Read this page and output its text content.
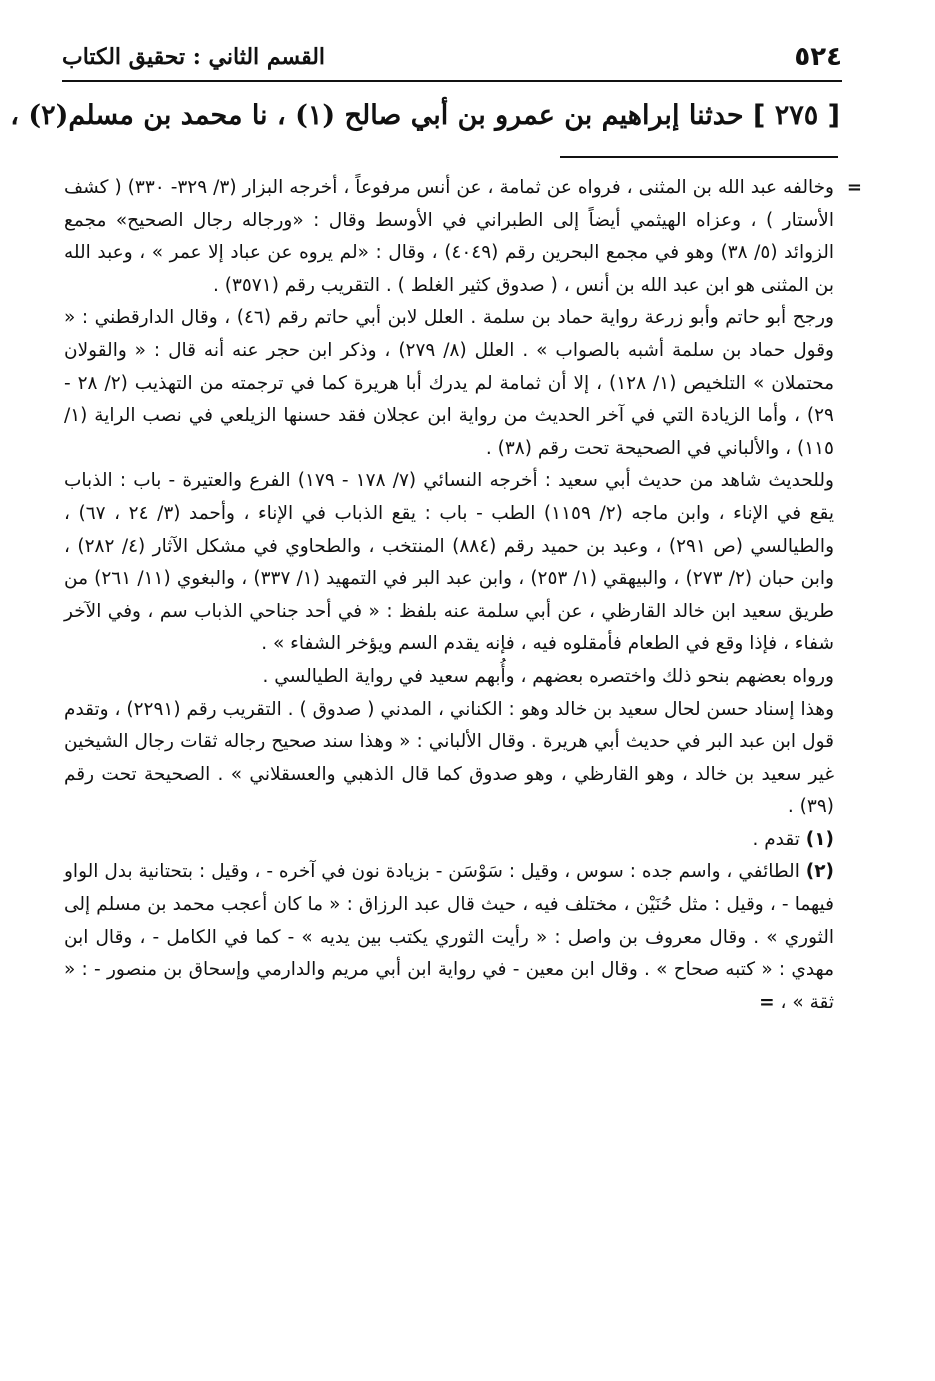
٥٢٤
القسم الثاني : تحقيق الكتاب
[ ٢٧٥ ] حدثنا إبراهيم بن عمرو بن أبي صالح (١) ، نا محمد بن مسلم(٢) ،

=
وخالفه عبد الله بن المثنى ، فرواه عن ثمامة ، عن أنس مرفوعاً ، أخرجه البزار (٣/ ٣٢٩- ٣٣٠) ( كشف الأستار ) ، وعزاه الهيثمي أيضاً إلى الطبراني في الأوسط وقال : «ورجاله رجال الصحيح» مجمع الزوائد (٥/ ٣٨) وهو في مجمع البحرين رقم (٤٠٤٩) ، وقال : «لم يروه عن عباد إلا عمر » ، وعبد الله بن المثنى هو ابن عبد الله بن أنس ، ( صدوق كثير الغلط ) . التقريب رقم (٣٥٧١) .

ورجح أبو حاتم وأبو زرعة رواية حماد بن سلمة . العلل لابن أبي حاتم رقم (٤٦) ، وقال الدارقطني : « وقول حماد بن سلمة أشبه بالصواب » . العلل (٨/ ٢٧٩) ، وذكر ابن حجر عنه أنه قال : « والقولان محتملان » التلخيص (١/ ١٢٨) ، إلا أن ثمامة لم يدرك أبا هريرة كما في ترجمته من التهذيب (٢/ ٢٨ - ٢٩) ، وأما الزيادة التي في آخر الحديث من رواية ابن عجلان فقد حسنها الزيلعي في نصب الراية (١/ ١١٥) ، والألباني في الصحيحة تحت رقم (٣٨) .

وللحديث شاهد من حديث أبي سعيد : أخرجه النسائي (٧/ ١٧٨ - ١٧٩) الفرع والعتيرة - باب : الذباب يقع في الإناء ، وابن ماجه (٢/ ١١٥٩) الطب - باب : يقع الذباب في الإناء ، وأحمد (٣/ ٢٤ ، ٦٧) ، والطيالسي (ص ٢٩١) ، وعبد بن حميد رقم (٨٨٤) المنتخب ، والطحاوي في مشكل الآثار (٤/ ٢٨٢) ، وابن حبان (٢/ ٢٧٣) ، والبيهقي (١/ ٢٥٣) ، وابن عبد البر في التمهيد (١/ ٣٣٧) ، والبغوي (١١/ ٢٦١) من طريق سعيد ابن خالد القارظي ، عن أبي سلمة عنه بلفظ : « في أحد جناحي الذباب سم ، وفي الآخر شفاء ، فإذا وقع في الطعام فأمقلوه فيه ، فإنه يقدم السم ويؤخر الشفاء » .

ورواه بعضهم بنحو ذلك واختصره بعضهم ، وأُبهم سعيد في رواية الطيالسي .

وهذا إسناد حسن لحال سعيد بن خالد وهو : الكناني ، المدني ( صدوق ) . التقريب رقم (٢٢٩١) ، وتقدم قول ابن عبد البر في حديث أبي هريرة . وقال الألباني : « وهذا سند صحيح رجاله ثقات رجال الشيخين غير سعيد بن خالد ، وهو القارظي ، وهو صدوق كما قال الذهبي والعسقلاني » . الصحيحة تحت رقم (٣٩) .

(١) تقدم .

(٢) الطائفي ، واسم جده : سوس ، وقيل : سَوْسَن - بزيادة نون في آخره - ، وقيل : بتحتانية بدل الواو فيهما - ، وقيل : مثل حُنَيْن ، مختلف فيه ، حيث قال عبد الرزاق : « ما كان أعجب محمد بن مسلم إلى الثوري » . وقال معروف بن واصل : « رأيت الثوري يكتب بين يديه » - كما في الكامل - ، وقال ابن مهدي : « كتبه صحاح » . وقال ابن معين - في رواية ابن أبي مريم والدارمي وإسحاق بن منصور - : « ثقة » ، =
